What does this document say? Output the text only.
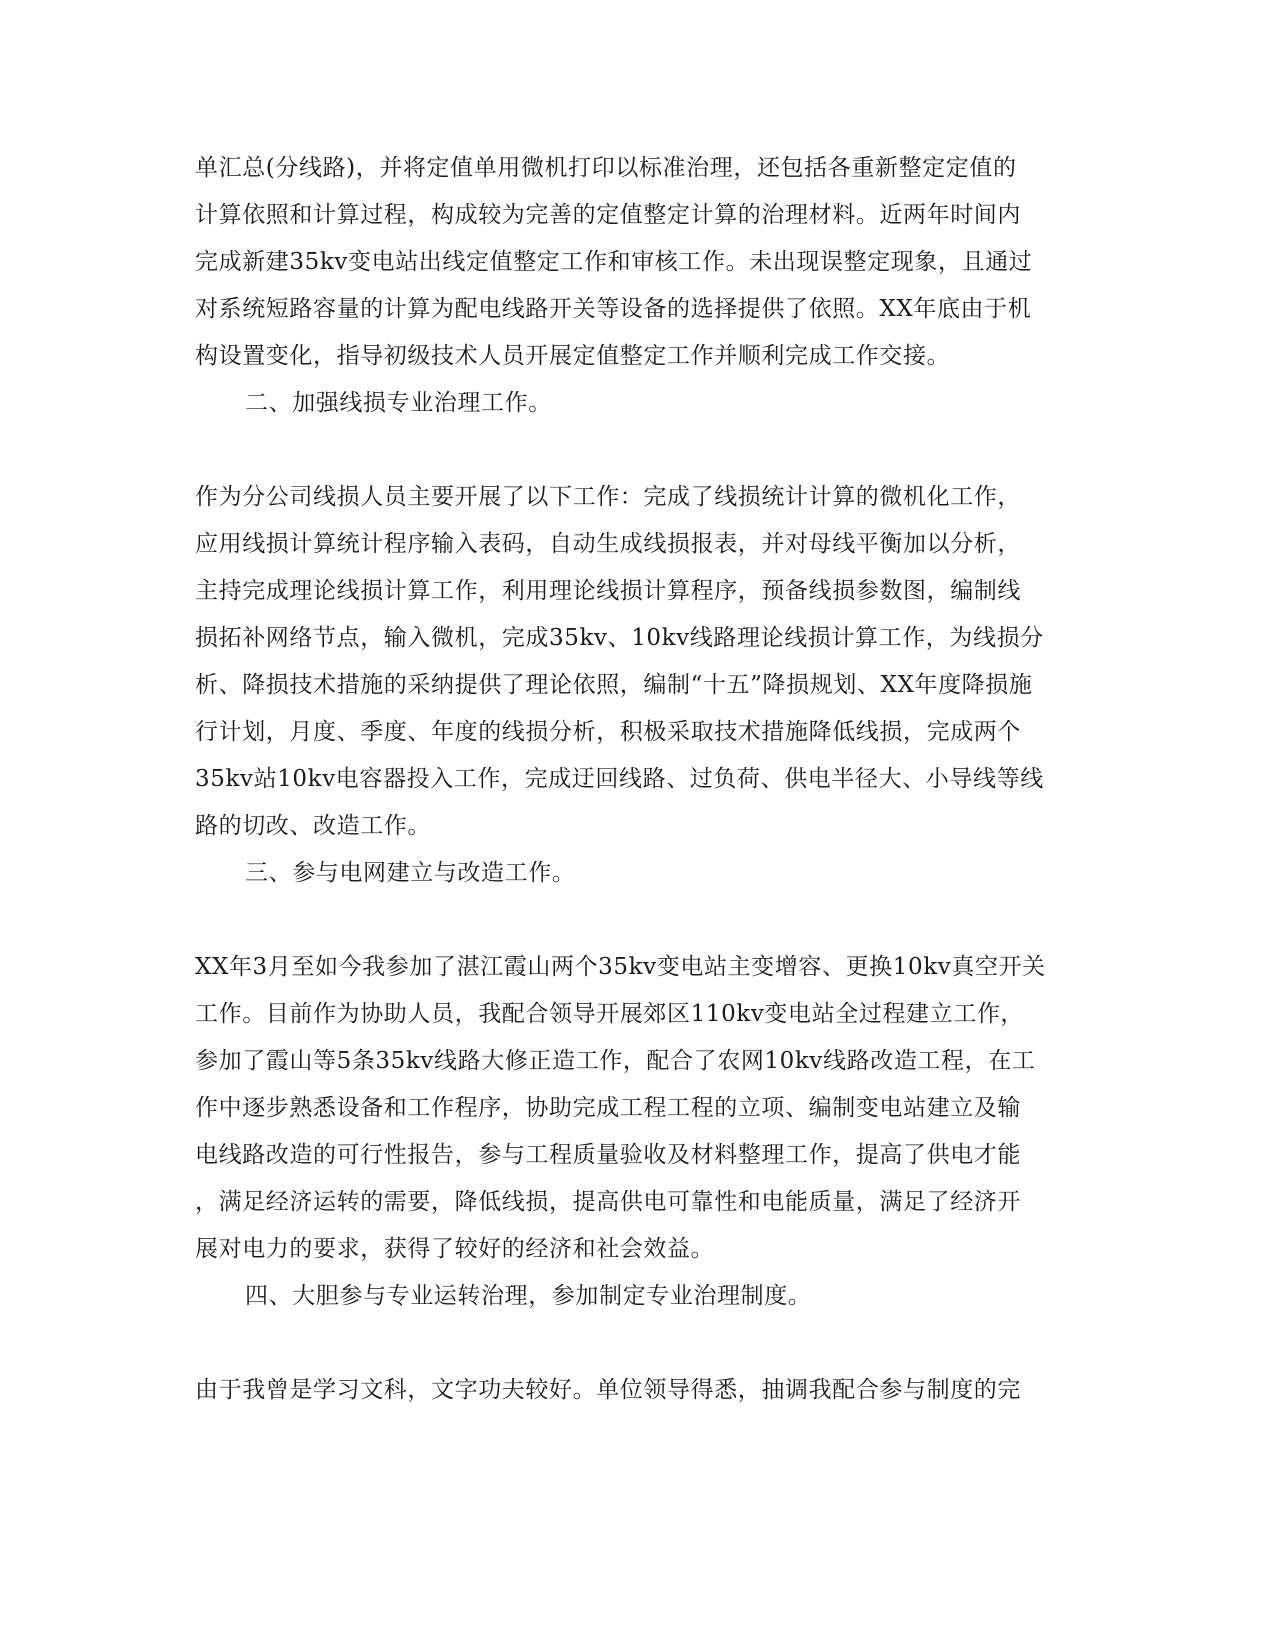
单汇总(分线路)，并将定值单用微机打印以标准治理，还包括各重新整定定值的
计算依照和计算过程，构成较为完善的定值整定计算的治理材料。近两年时间内
完成新建35kv变电站出线定值整定工作和审核工作。未出现误整定现象，且通过
对系统短路容量的计算为配电线路开关等设备的选择提供了依照。XX年底由于机
构设置变化，指导初级技术人员开展定值整定工作并顺利完成工作交接。
二、加强线损专业治理工作。
作为分公司线损人员主要开展了以下工作：完成了线损统计计算的微机化工作，
应用线损计算统计程序输入表码，自动生成线损报表，并对母线平衡加以分析，
主持完成理论线损计算工作，利用理论线损计算程序，预备线损参数图，编制线
损拓补网络节点，输入微机，完成35kv、10kv线路理论线损计算工作，为线损分
析、降损技术措施的采纳提供了理论依照，编制“十五”降损规划、XX年度降损施
行计划，月度、季度、年度的线损分析，积极采取技术措施降低线损，完成两个
35kv站10kv电容器投入工作，完成迂回线路、过负荷、供电半径大、小导线等线
路的切改、改造工作。
三、参与电网建立与改造工作。
XX年3月至如今我参加了湛江霞山两个35kv变电站主变增容、更换10kv真空开关
工作。目前作为协助人员，我配合领导开展郊区110kv变电站全过程建立工作，
参加了霞山等5条35kv线路大修正造工作，配合了农网10kv线路改造工程，在工
作中逐步熟悉设备和工作程序，协助完成工程工程的立项、编制变电站建立及输
电线路改造的可行性报告，参与工程质量验收及材料整理工作，提高了供电才能
，满足经济运转的需要，降低线损，提高供电可靠性和电能质量，满足了经济开
展对电力的要求，获得了较好的经济和社会效益。
四、大胆参与专业运转治理，参加制定专业治理制度。
由于我曾是学习文科，文字功夫较好。单位领导得悉，抽调我配合参与制度的完
